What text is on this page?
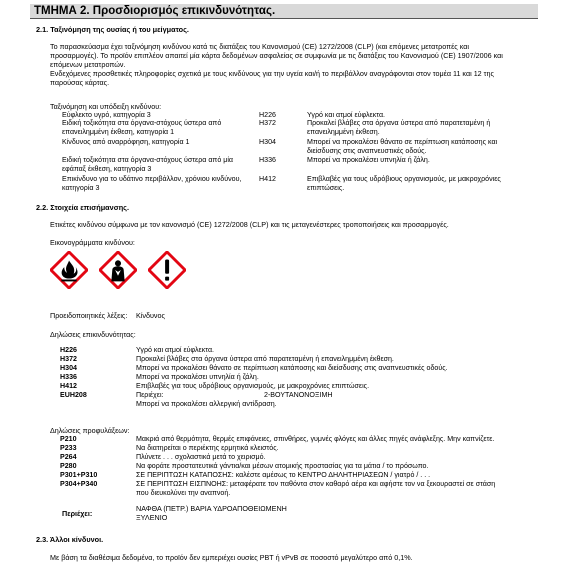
ΤΜΗΜΑ 2. Προσδιορισμός επικινδυνότητας.
2.1. Ταξινόμηση της ουσίας ή του μείγματος.
Το παρασκεύασμα έχει ταξινόμηση κινδύνου κατά τις διατάξεις του Κανονισμού (CE) 1272/2008 (CLP) (και επόμενες μετατροπές και
προσαρμογές). Το προϊόν επιπλέον απαιτεί μία κάρτα δεδομένων ασφαλείας σε συμφωνία με τις διατάξεις του Κανονισμού (CE) 1907/2006 και
επόμενων μετατροπών.
Ενδεχόμενες προσθετικές πληροφορίες σχετικά με τους κινδύνους για την υγεία και/ή το περιβάλλον αναγράφονται στον τομέα 11 και 12 της
παρούσας κάρτας.
Ταξινόμηση και υπόδειξη κινδύνου:
Εύφλεκτο υγρό, κατηγορία 3	H226	Υγρό και ατμοί εύφλεκτα.
Ειδική τοξικότητα στα όργανα-στόχους ύστερα από
επανειλημμένη έκθεση, κατηγορία 1
H372	Προκαλεί βλάβες στα όργανα ύστερα από παρατεταμένη ή
επανειλημμένη έκθεση.
Κίνδυνος από αναρρόφηση, κατηγορία 1	H304	Μπορεί να προκαλέσει θάνατο σε περίπτωση κατάποσης και
διείσδυσης στις αναπνευστικές οδούς.
Ειδική τοξικότητα στα όργανα-στόχους ύστερα από μία
εφάπαξ έκθεση, κατηγορία 3
H336	Μπορεί να προκαλέσει υπνηλία ή ζάλη.
Επικίνδυνο για το υδάτινο περιβάλλον, χρόνιου κινδύνου,
κατηγορία 3
H412	Επιβλαβές για τους υδρόβιους οργανισμούς, με μακροχρόνιες
επιπτώσεις.
2.2. Στοιχεία επισήμανσης.
Ετικέτες κινδύνου σύμφωνα με τον κανονισμό (CE) 1272/2008 (CLP) και τις μεταγενέστερες τροποποιήσεις και προσαρμογές.
Εικονογράμματα κινδύνου:
Προειδοποιητικές λέξεις: Κίνδυνος
Δηλώσεις επικινδυνότητας:
H226	Υγρό και ατμοί εύφλεκτα.
H372	Προκαλεί βλάβες στα όργανα ύστερα από παρατεταμένη ή επανειλημμένη έκθεση.
H304	Μπορεί να προκαλέσει θάνατο σε περίπτωση κατάποσης και διείσδυσης στις αναπνευστικές οδούς.
H336	Μπορεί να προκαλέσει υπνηλία ή ζάλη.
H412	Επιβλαβές για τους υδρόβιους οργανισμούς, με μακροχρόνιες επιπτώσεις.
EUH208	Περιέχει:	2-ΒΟΥΤΑΝΟΝΟΞΙΜΗ
Μπορεί να προκαλέσει αλλεργική αντίδραση.
Δηλώσεις προφυλάξεων:
P210	Μακριά από θερμότητα, θερμές επιφάνειες, σπινθήρες, γυμνές φλόγες και άλλες πηγές ανάφλεξης. Μην καπνίζετε.
P233	Να διατηρείται ο περιέκτης ερμητικά κλειστός.
P264	Πλύνετε . . . σχολαστικά μετά το χειρισμό.
P280	Να φοράτε προστατευτικά γάντια/και μέσων ατομικής προστασίας για τα μάτια / το πρόσωπο.
P301+P310	ΣΕ ΠΕΡΙΠΤΩΣΗ ΚΑΤΑΠΟΣΗΣ: καλέστε αμέσως το ΚΕΝΤΡΟ ΔΗΛΗΤΗΡΙΑΣΕΩΝ / γιατρό / . . .
P304+P340	ΣΕ ΠΕΡΙΠΤΩΣΗ ΕΙΣΠΝΟΗΣ: μεταφέρατε τον παθόντα στον καθαρό αέρα και αφήστε τον να ξεκουραστεί σε στάση
που διευκολύνει την αναπνοή.
Περιέχει:
ΝΑΦΘΑ (ΠΕΤΡ.) ΒΑΡΙΑ ΥΔΡΟΑΠΟΘΕΙΩΜΕΝΗ
ΞΥΛΕΝΙΟ
2.3. Άλλοι κίνδυνοι.
Με βάση τα διαθέσιμα δεδομένα, το προϊόν δεν εμπεριέχει ουσίες PBT ή vPvB σε ποσοστό μεγαλύτερο από 0,1%.
